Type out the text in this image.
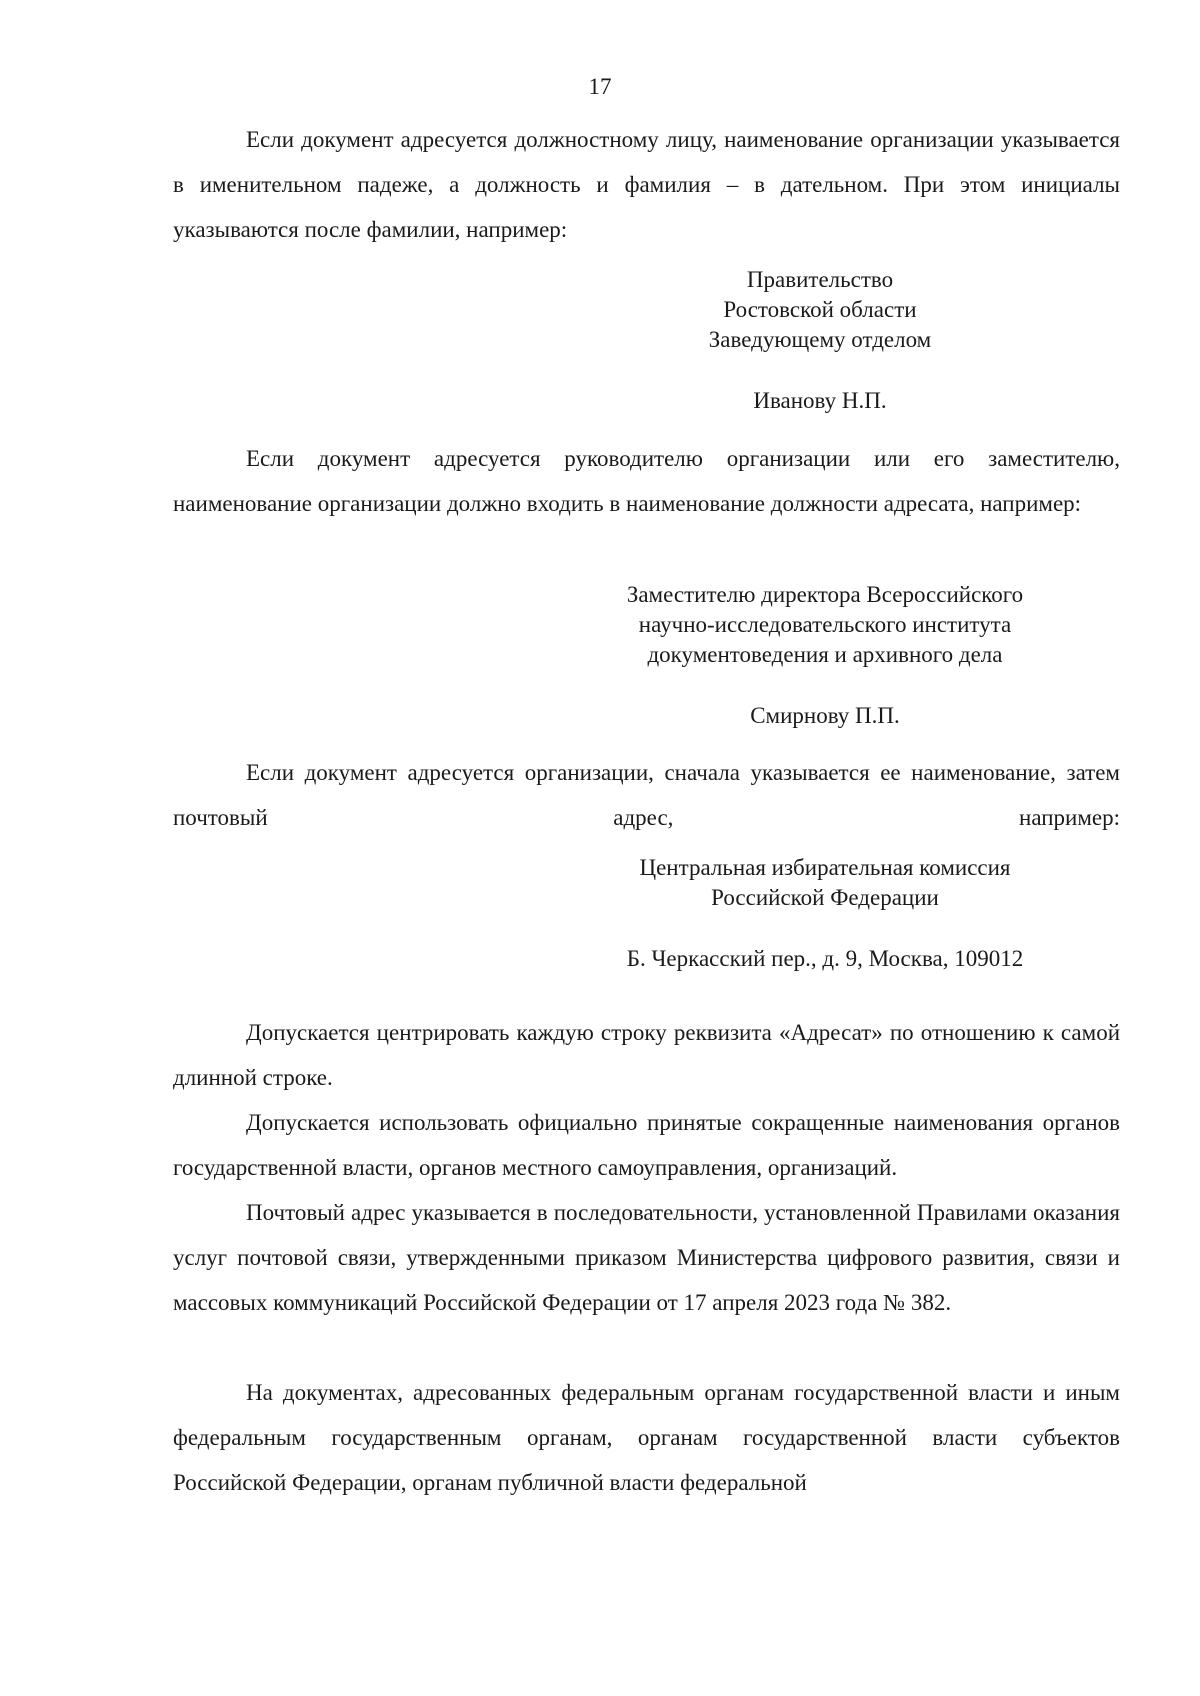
17

Если документ адресуется должностному лицу, наименование организации указывается в именительном падеже, а должность и фамилия – в дательном. При этом инициалы указываются после фамилии, например:

Правительство
Ростовской области
Заведующему отделом
Иванову Н.П.

Если документ адресуется руководителю организации или его заместителю, наименование организации должно входить в наименование должности адресата, например:

Заместителю директора Всероссийского
научно-исследовательского института
документоведения и архивного дела
Смирнову П.П.

Если документ адресуется организации, сначала указывается ее наименование, затем почтовый адрес, например:

Центральная избирательная комиссия
Российской Федерации
Б. Черкасский пер., д. 9, Москва, 109012

Допускается центрировать каждую строку реквизита «Адресат» по отношению к самой длинной строке.

Допускается использовать официально принятые сокращенные наименования органов государственной власти, органов местного самоуправления, организаций.

Почтовый адрес указывается в последовательности, установленной Правилами оказания услуг почтовой связи, утвержденными приказом Министерства цифрового развития, связи и массовых коммуникаций Российской Федерации от 17 апреля 2023 года № 382.

На документах, адресованных федеральным органам государственной власти и иным федеральным государственным органам, органам государственной власти субъектов Российской Федерации, органам публичной власти федеральной
